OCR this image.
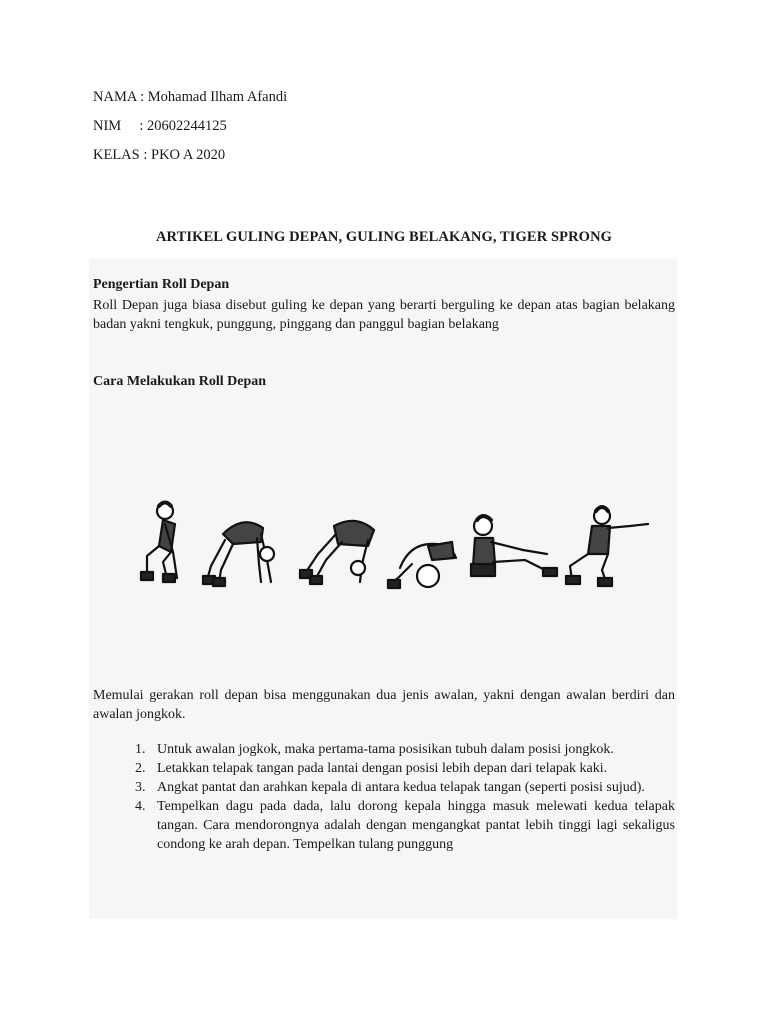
NAMA : Mohamad Ilham Afandi
NIM     : 20602244125
KELAS : PKO A 2020
ARTIKEL GULING DEPAN, GULING BELAKANG, TIGER SPRONG
Pengertian Roll Depan
Roll Depan juga biasa disebut guling ke depan yang berarti berguling ke depan atas bagian belakang badan yakni tengkuk, punggung, pinggang dan panggul bagian belakang
Cara Melakukan Roll Depan
Memulai gerakan roll depan bisa menggunakan dua jenis awalan, yakni dengan awalan berdiri dan awalan jongkok.
1. Untuk awalan jogkok, maka pertama-tama posisikan tubuh dalam posisi jongkok.
2. Letakkan telapak tangan pada lantai dengan posisi lebih depan dari telapak kaki.
3. Angkat pantat dan arahkan kepala di antara kedua telapak tangan (seperti posisi sujud).
4. Tempelkan dagu pada dada, lalu dorong kepala hingga masuk melewati kedua telapak tangan. Cara mendorongnya adalah dengan mengangkat pantat lebih tinggi lagi sekaligus condong ke arah depan. Tempelkan tulang punggung
